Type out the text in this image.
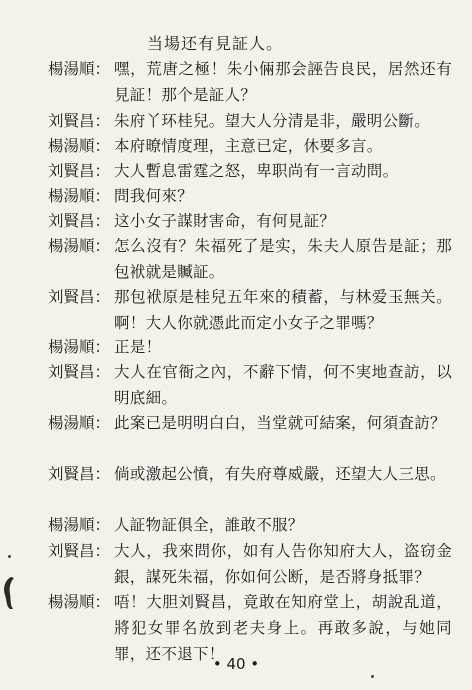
当場还有見証人。
楊湯順： 嘿，荒唐之極！朱小倆那会誣告良民，居然还有見証！那个是証人？
刘賢昌： 朱府丫环桂兒。望大人分清是非，嚴明公斷。
楊湯順： 本府暸情度理，主意已定，休要多言。
刘賢昌： 大人暫息雷霆之怒，卑职尚有一言动問。
楊湯順： 問我何來？
刘賢昌： 这小女子謀財害命，有何見証？
楊湯順： 怎么沒有？朱福死了是实，朱夫人原告是証；那包袱就是贓証。
刘賢昌： 那包袱原是桂兒五年來的積蓄，与林爱玉無关。啊！大人你就憑此而定小女子之罪嗎？
楊湯順： 正是！
刘賢昌： 大人在官衙之內，不辭下情，何不実地查訪，以明底細。
楊湯順： 此案已是明明白白，当堂就可結案，何須査訪？
刘賢昌： 倘或激起公憤，有失府尊威嚴，还望大人三思。
楊湯順： 人証物証俱全，誰敢不服？
刘賢昌： 大人，我來問你，如有人告你知府大人，盗窃金銀，謀死朱福，你如何公断，是否將身抵罪？
楊湯順： 唔！大胆刘賢昌，竟敢在知府堂上，胡說乱道，將犯女罪名放到老夫身上。再敢多說，与她同罪，还不退下！
• 40 •
